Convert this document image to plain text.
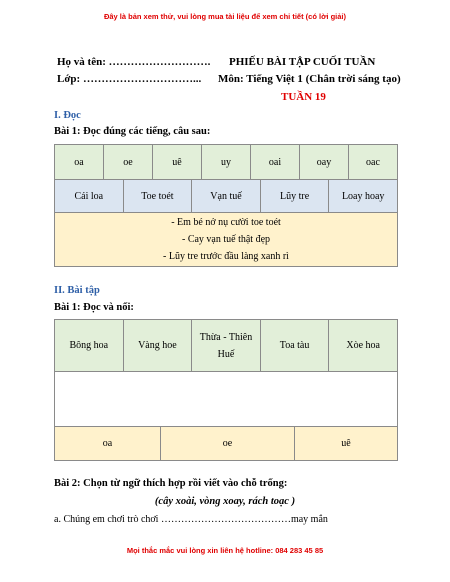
Đây là bản xem thử, vui lòng mua tài liệu để xem chi tiết (có lời giải)
Họ và tên: ……………………….
Lớp: …………………………...
PHIẾU BÀI TẬP CUỐI TUẦN
Môn: Tiếng Việt 1 (Chân trời sáng tạo)
TUẦN 19
I. Đọc
Bài 1: Đọc đúng các tiếng, câu sau:
oa	oe	uê	uy	oai	oay	oac
Cái loa	Toe toét	Vạn tuế	Lũy tre	Loay hoay
- Em bé nở nụ cười toe toét
- Cay vạn tuế thật đẹp
- Lũy tre trước đầu làng xanh rì
II. Bài tập
Bài 1: Đọc và nối:
Bông hoa	Vàng hoe	Thừa - Thiên Huế	Toa tàu	Xòe hoa

oa	oe	uê
Bài 2: Chọn từ ngữ thích hợp rồi viết vào chỗ trống:
(cây xoài, vòng xoay, rách toạc )
a. Chúng em chơi trò chơi …………………………………may mắn
Mọi thắc mắc vui lòng xin liên hệ hotline: 084 283 45 85
